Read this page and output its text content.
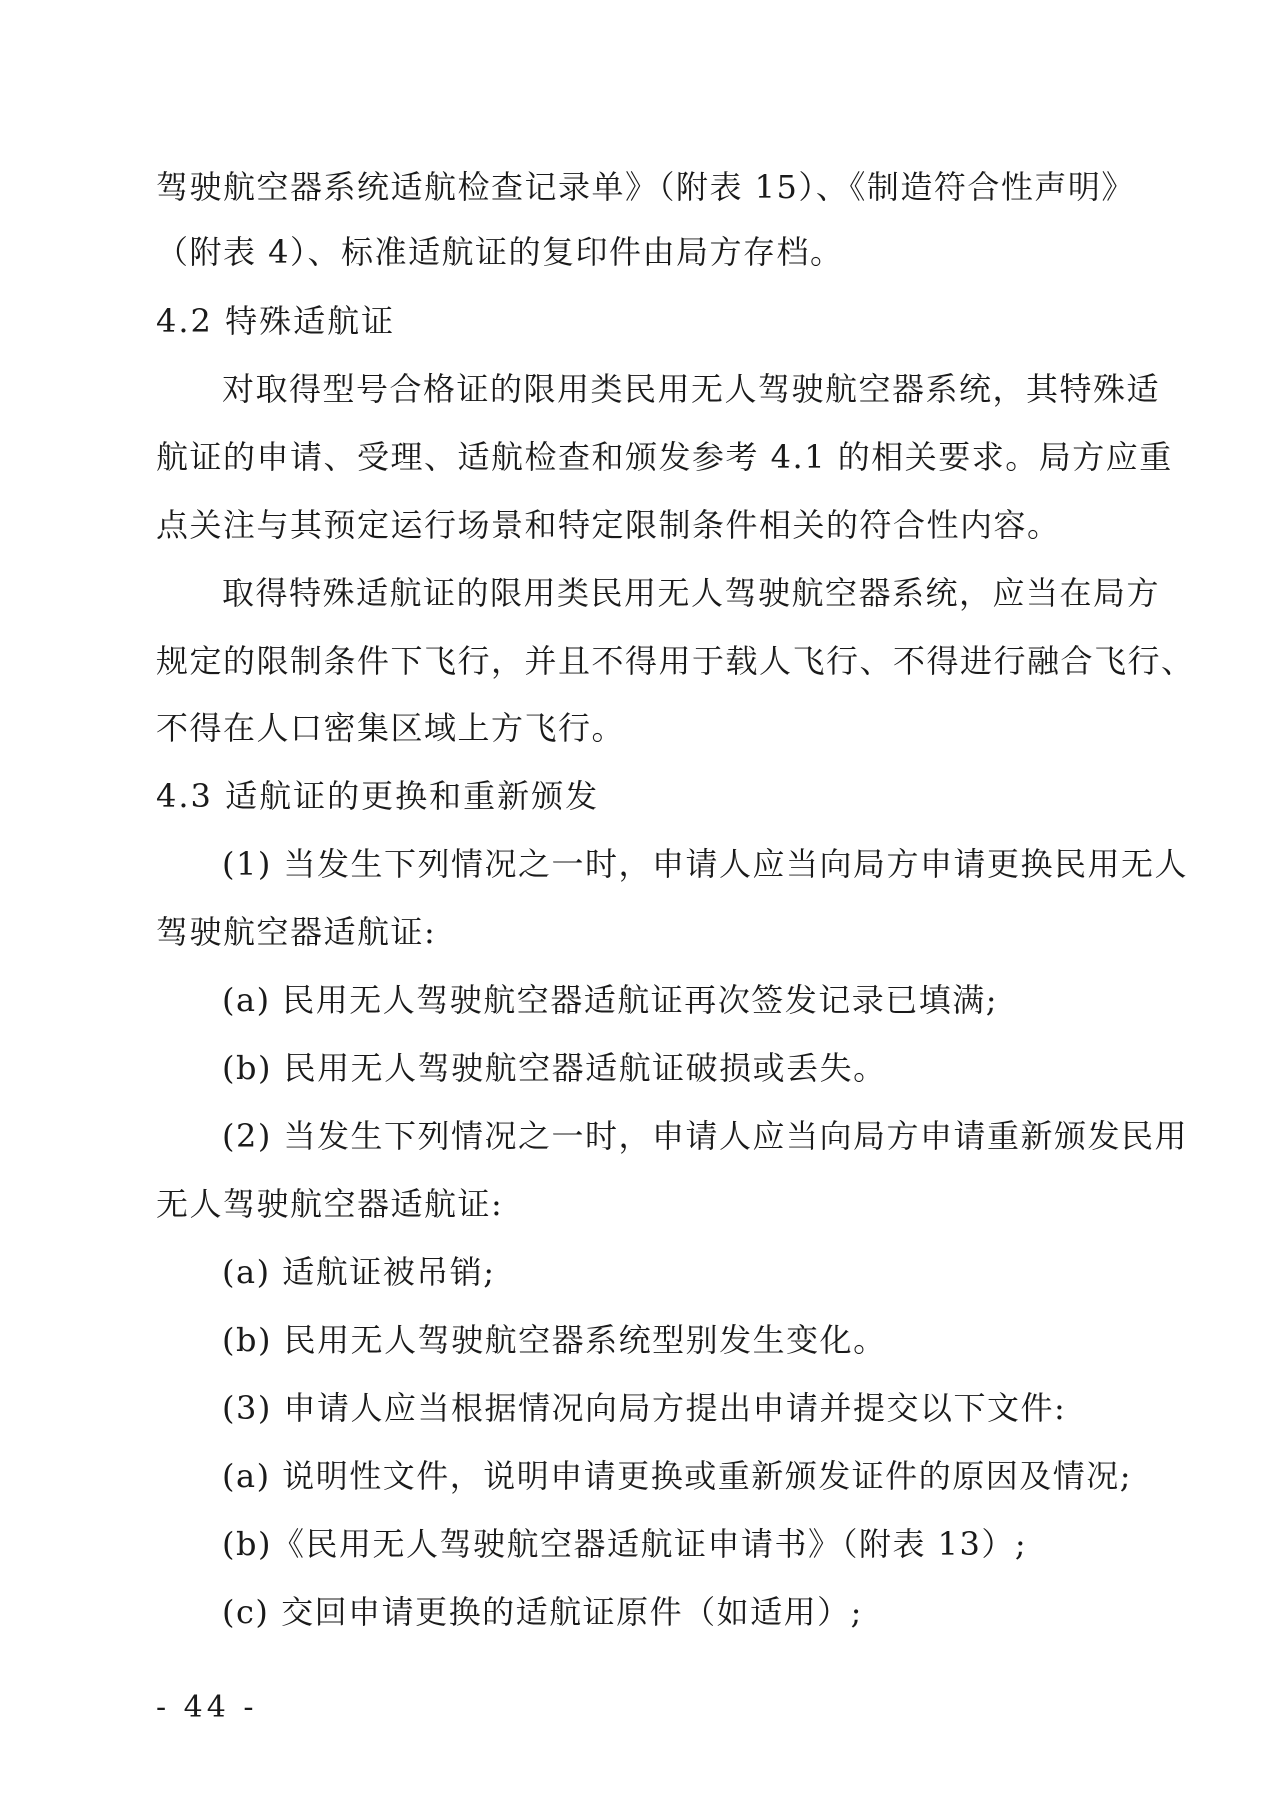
驾驶航空器系统适航检查记录单》（附表 15）、《制造符合性声明》
（附表 4）、标准适航证的复印件由局方存档。
4.2 特殊适航证
对取得型号合格证的限用类民用无人驾驶航空器系统，其特殊适
航证的申请、受理、适航检查和颁发参考 4.1 的相关要求。局方应重
点关注与其预定运行场景和特定限制条件相关的符合性内容。
取得特殊适航证的限用类民用无人驾驶航空器系统，应当在局方
规定的限制条件下飞行，并且不得用于载人飞行、不得进行融合飞行、
不得在人口密集区域上方飞行。
4.3 适航证的更换和重新颁发
(1) 当发生下列情况之一时，申请人应当向局方申请更换民用无人
驾驶航空器适航证:
(a) 民用无人驾驶航空器适航证再次签发记录已填满;
(b) 民用无人驾驶航空器适航证破损或丢失。
(2) 当发生下列情况之一时，申请人应当向局方申请重新颁发民用
无人驾驶航空器适航证:
(a) 适航证被吊销;
(b) 民用无人驾驶航空器系统型别发生变化。
(3) 申请人应当根据情况向局方提出申请并提交以下文件:
(a) 说明性文件，说明申请更换或重新颁发证件的原因及情况;
(b)《民用无人驾驶航空器适航证申请书》（附表 13）;
(c) 交回申请更换的适航证原件（如适用）;
- 44 -
